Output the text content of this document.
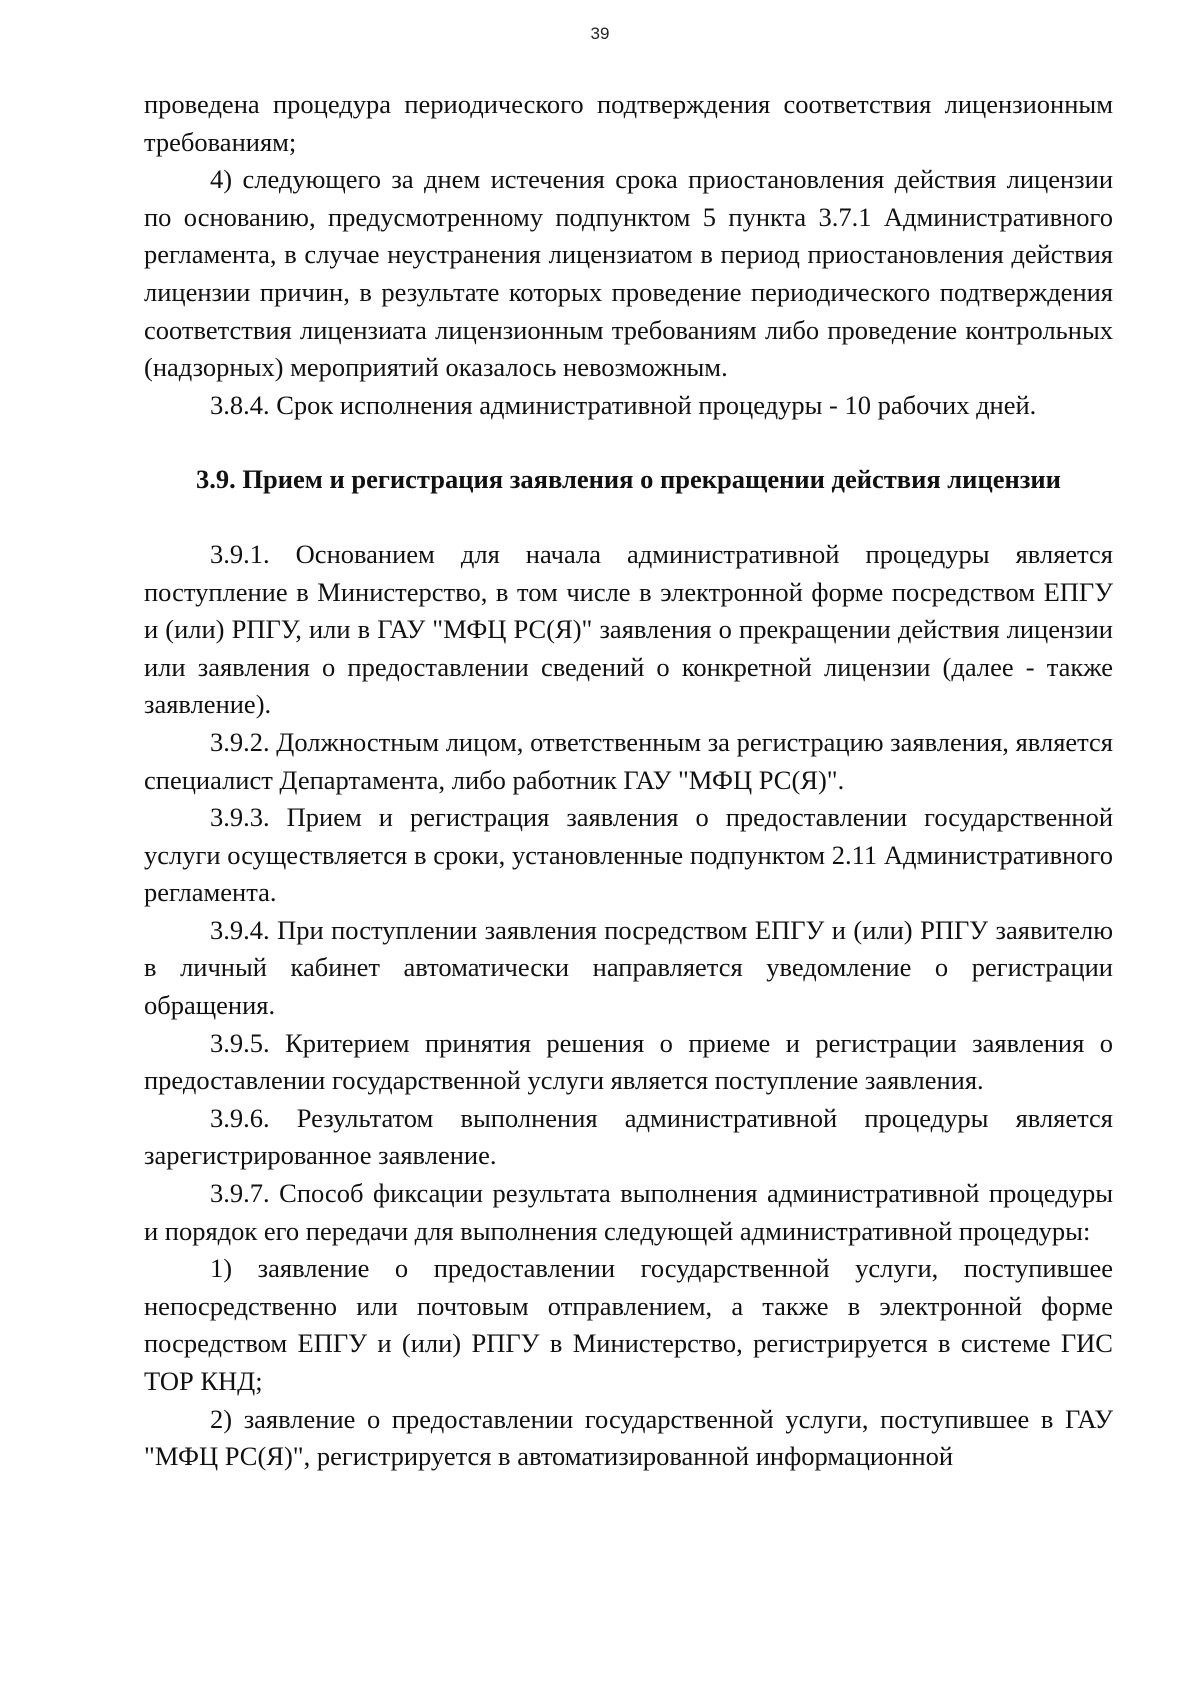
39

проведена процедура периодического подтверждения соответствия лицензионным требованиям;

4) следующего за днем истечения срока приостановления действия лицензии по основанию, предусмотренному подпунктом 5 пункта 3.7.1 Административного регламента, в случае неустранения лицензиатом в период приостановления действия лицензии причин, в результате которых проведение периодического подтверждения соответствия лицензиата лицензионным требованиям либо проведение контрольных (надзорных) мероприятий оказалось невозможным.

3.8.4. Срок исполнения административной процедуры - 10 рабочих дней.

3.9. Прием и регистрация заявления о прекращении действия лицензии

3.9.1. Основанием для начала административной процедуры является поступление в Министерство, в том числе в электронной форме посредством ЕПГУ и (или) РПГУ, или в ГАУ "МФЦ РС(Я)" заявления о прекращении действия лицензии или заявления о предоставлении сведений о конкретной лицензии (далее - также заявление).

3.9.2. Должностным лицом, ответственным за регистрацию заявления, является специалист Департамента, либо работник ГАУ "МФЦ РС(Я)".

3.9.3. Прием и регистрация заявления о предоставлении государственной услуги осуществляется в сроки, установленные подпунктом 2.11 Административного регламента.

3.9.4. При поступлении заявления посредством ЕПГУ и (или) РПГУ заявителю в личный кабинет автоматически направляется уведомление о регистрации обращения.

3.9.5. Критерием принятия решения о приеме и регистрации заявления о предоставлении государственной услуги является поступление заявления.

3.9.6. Результатом выполнения административной процедуры является зарегистрированное заявление.

3.9.7. Способ фиксации результата выполнения административной процедуры и порядок его передачи для выполнения следующей административной процедуры:

1) заявление о предоставлении государственной услуги, поступившее непосредственно или почтовым отправлением, а также в электронной форме посредством ЕПГУ и (или) РПГУ в Министерство, регистрируется в системе ГИС ТОР КНД;

2) заявление о предоставлении государственной услуги, поступившее в ГАУ "МФЦ РС(Я)", регистрируется в автоматизированной информационной
